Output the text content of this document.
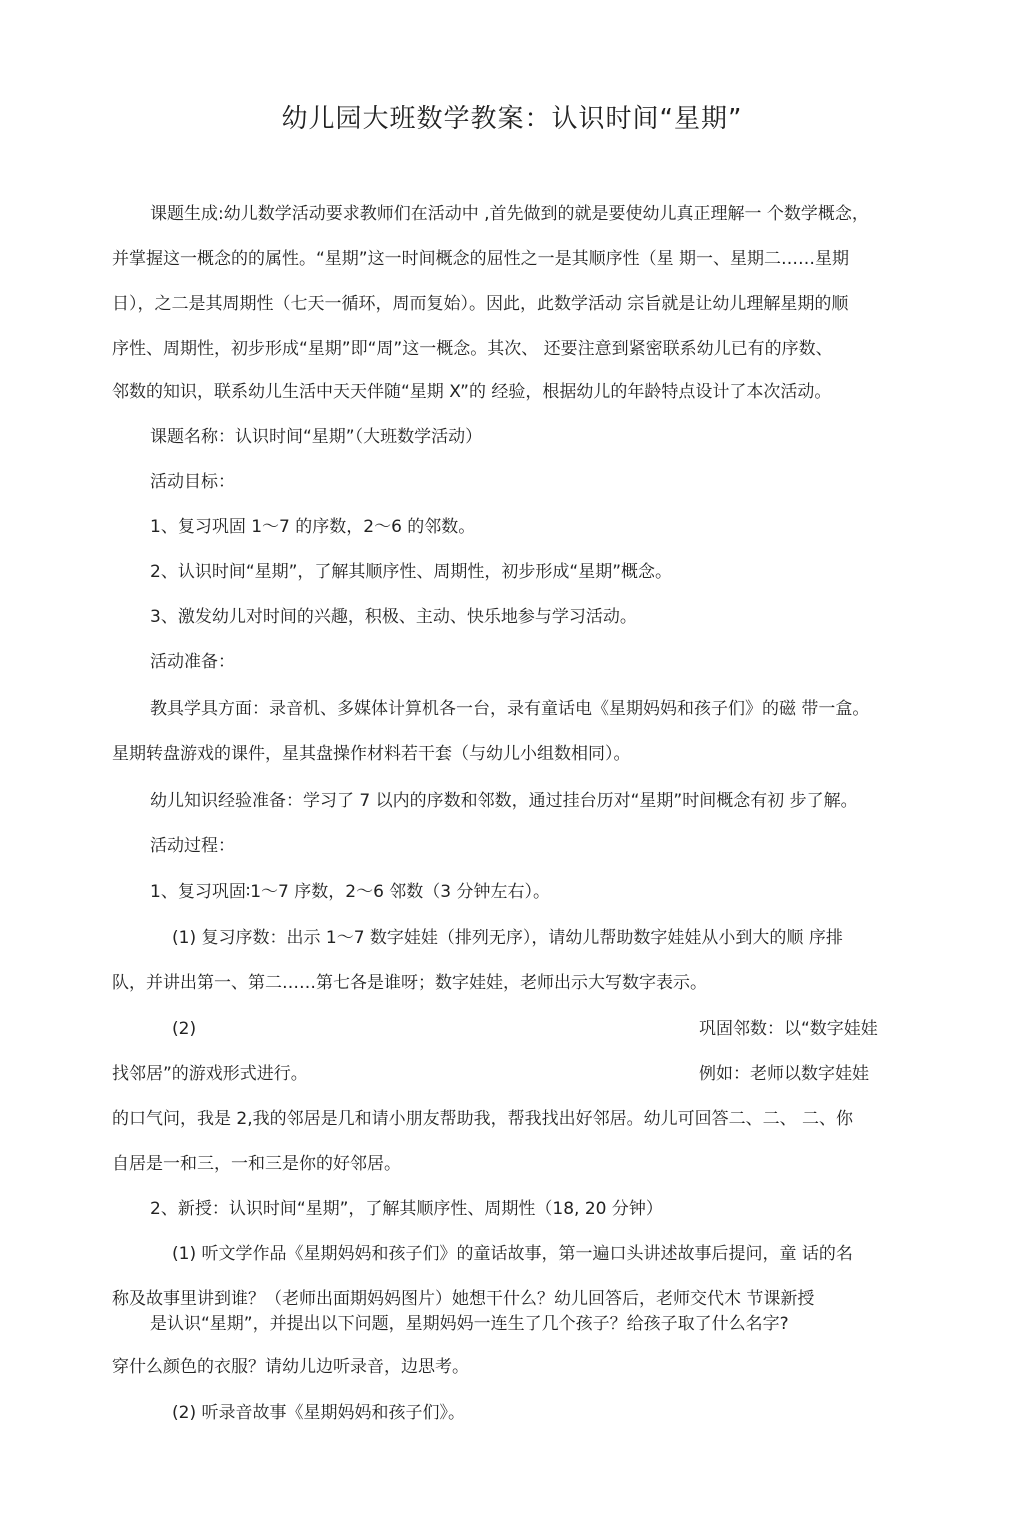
幼儿园大班数学教案：认识时间“星期”
课题生成:幼儿数学活动要求教师们在活动中 ,首先做到的就是要使幼儿真正理解一 个数学概念，
并掌握这一概念的的属性。“星期”这一时间概念的屈性之一是其顺序性（星 期一、星期二……星期
日），之二是其周期性（七天一循环，周而复始）。因此，此数学活动 宗旨就是让幼儿理解星期的顺
序性、周期性，初步形成“星期”即“周”这一概念。其次、 还要注意到紧密联系幼儿已有的序数、
邻数的知识，联系幼儿生活中天天伴随“星期 X”的 经验，根据幼儿的年龄特点设计了本次活动。
课题名称：认识时间“星期”（大班数学活动）
活动目标：
1、复习巩固 1～7 的序数，2～6 的邻数。
2、认识时间“星期”，了解其顺序性、周期性，初步形成“星期”概念。
3、激发幼儿对时间的兴趣，积极、主动、快乐地参与学习活动。
活动准备：
教具学具方面：录音机、多媒体计算机各一台，录有童话电《星期妈妈和孩子们》的磁 带一盒。
星期转盘游戏的课件，星其盘操作材料若干套（与幼儿小组数相同）。
幼儿知识经验准备：学习了 7 以内的序数和邻数，通过挂台历对“星期”时间概念有初 步了解。
活动过程：
1、复习巩固∶1～7 序数，2～6 邻数（3 分钟左右）。
(1) 复习序数：出示 1～7 数字娃娃（排列无序），请幼儿帮助数字娃娃从小到大的顺 序排
队，并讲出第一、第二……第七各是谁呀；数字娃娃，老师出示大写数字表示。
(2)	巩固邻数：以“数字娃娃
找邻居”的游戏形式进行。	例如：老师以数字娃娃
的口气问，我是 2,我的邻居是几和请小朋友帮助我，帮我找出好邻居。幼儿可回答二、二、 二、你
自居是一和三，一和三是你的好邻居。
2、新授：认识时间“星期”，了解其顺序性、周期性（18, 20 分钟）
(1) 听文学作品《星期妈妈和孩子们》的童话故事，第一遍口头讲述故事后提问，童 话的名
称及故事里讲到谁？（老师出面期妈妈图片）她想干什么？幼儿回答后，老师交代木 节课新授
是认识“星期”，并提出以下问题，星期妈妈一连生了几个孩子？给孩子取了什么名字?
穿什么颜色的衣服？请幼儿边听录音，边思考。
(2) 听录音故事《星期妈妈和孩子们》。
